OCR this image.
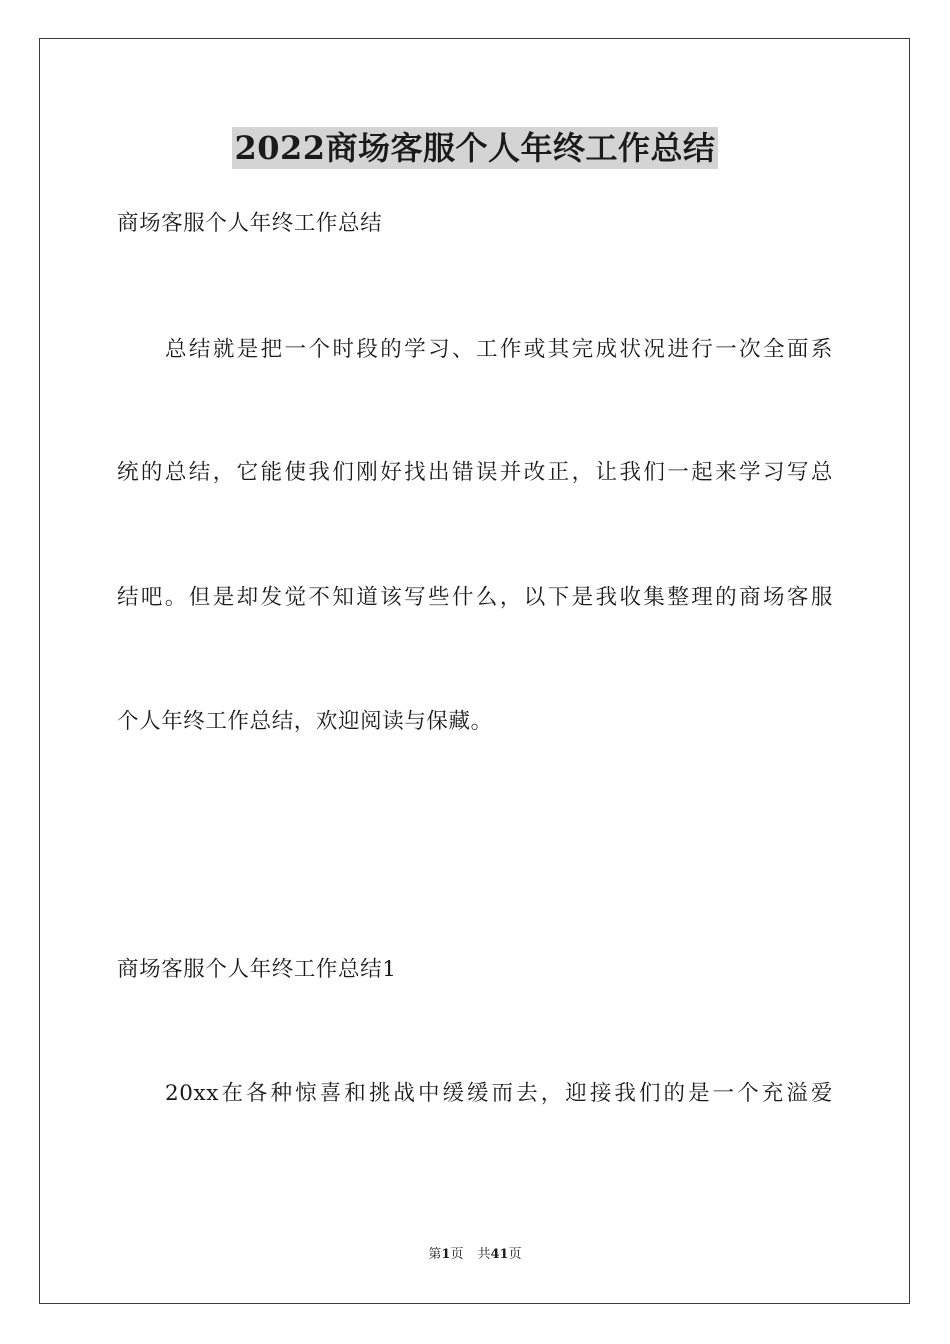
2022商场客服个人年终工作总结

商场客服个人年终工作总结

总结就是把一个时段的学习、工作或其完成状况进行一次全面系

统的总结，它能使我们刚好找出错误并改正，让我们一起来学习写总

结吧。但是却发觉不知道该写些什么，以下是我收集整理的商场客服

个人年终工作总结，欢迎阅读与保藏。

商场客服个人年终工作总结1

20xx在各种惊喜和挑战中缓缓而去，迎接我们的是一个充溢爱

第1页 共41页
